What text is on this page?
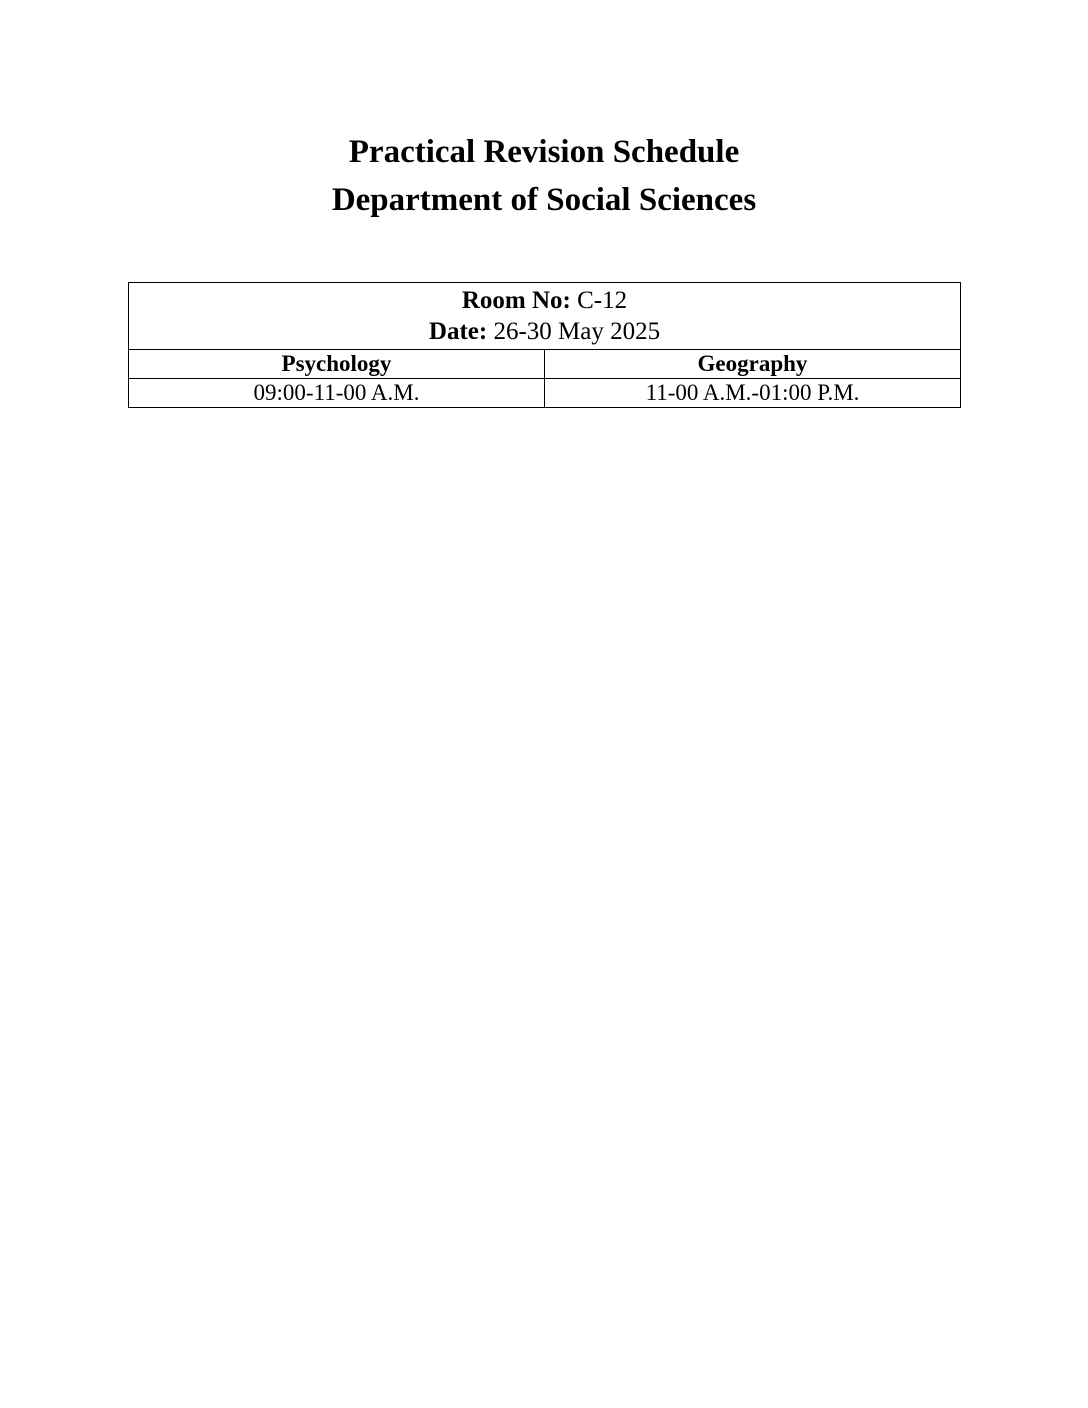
Practical Revision Schedule

Department of Social Sciences

Room No: C-12
Date: 26-30 May 2025	

Psychology	Geography
09:00-11-00 A.M.	11-00 A.M.-01:00 P.M.
